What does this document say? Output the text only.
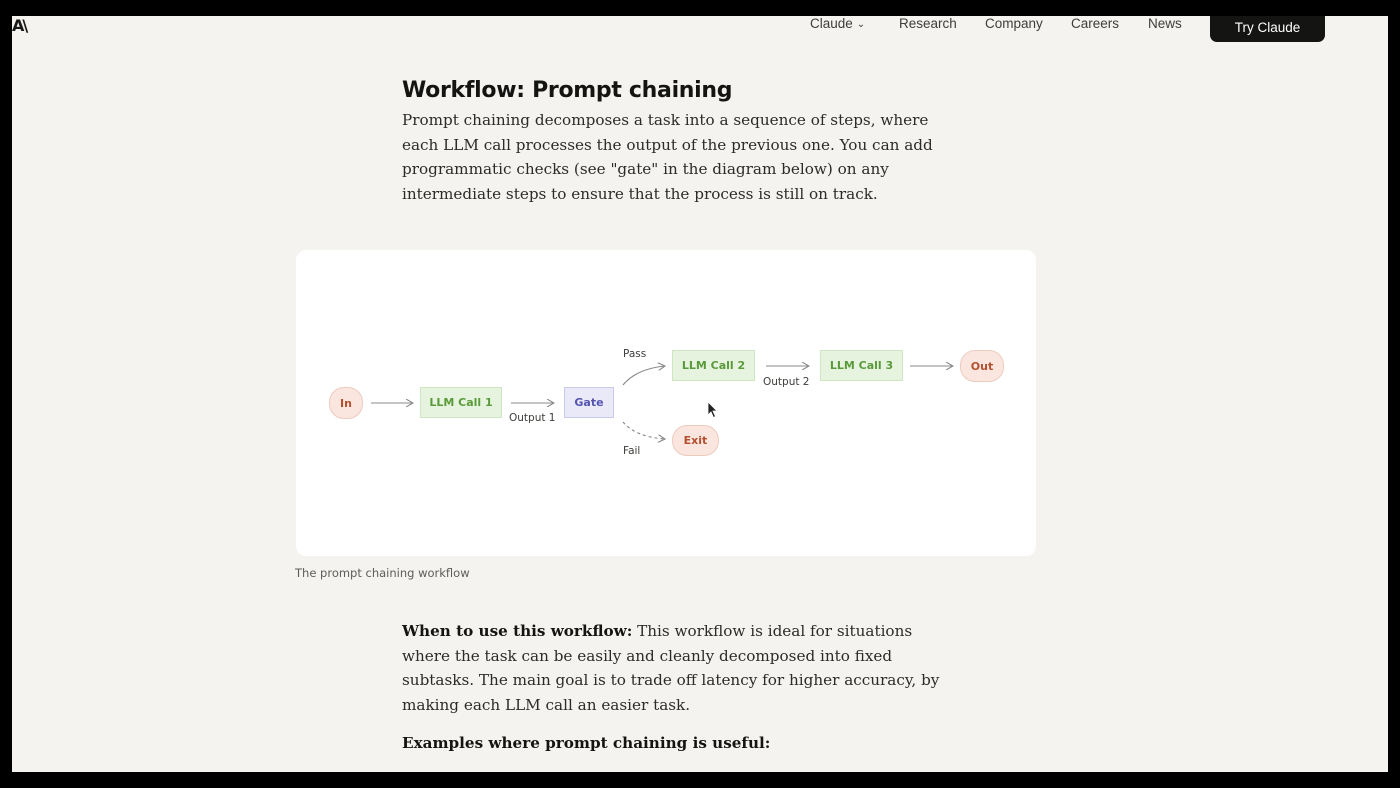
A\	Claude ⌄	Research Company Careers News	Try Claude
Workflow: Prompt chaining

Prompt chaining decomposes a task into a sequence of steps, where each LLM call processes the output of the previous one. You can add programmatic checks (see "gate" in the diagram below) on any intermediate steps to ensure that the process is still on track.

In	LLM Call 1	Gate
LLM Call 2	LLM Call 3	Out
Exit
Output 1
Output 2
Pass
Fail
The prompt chaining workflow

When to use this workflow: This workflow is ideal for situations where the task can be easily and cleanly decomposed into fixed subtasks. The main goal is to trade off latency for higher accuracy, by making each LLM call an easier task.

Examples where prompt chaining is useful:
